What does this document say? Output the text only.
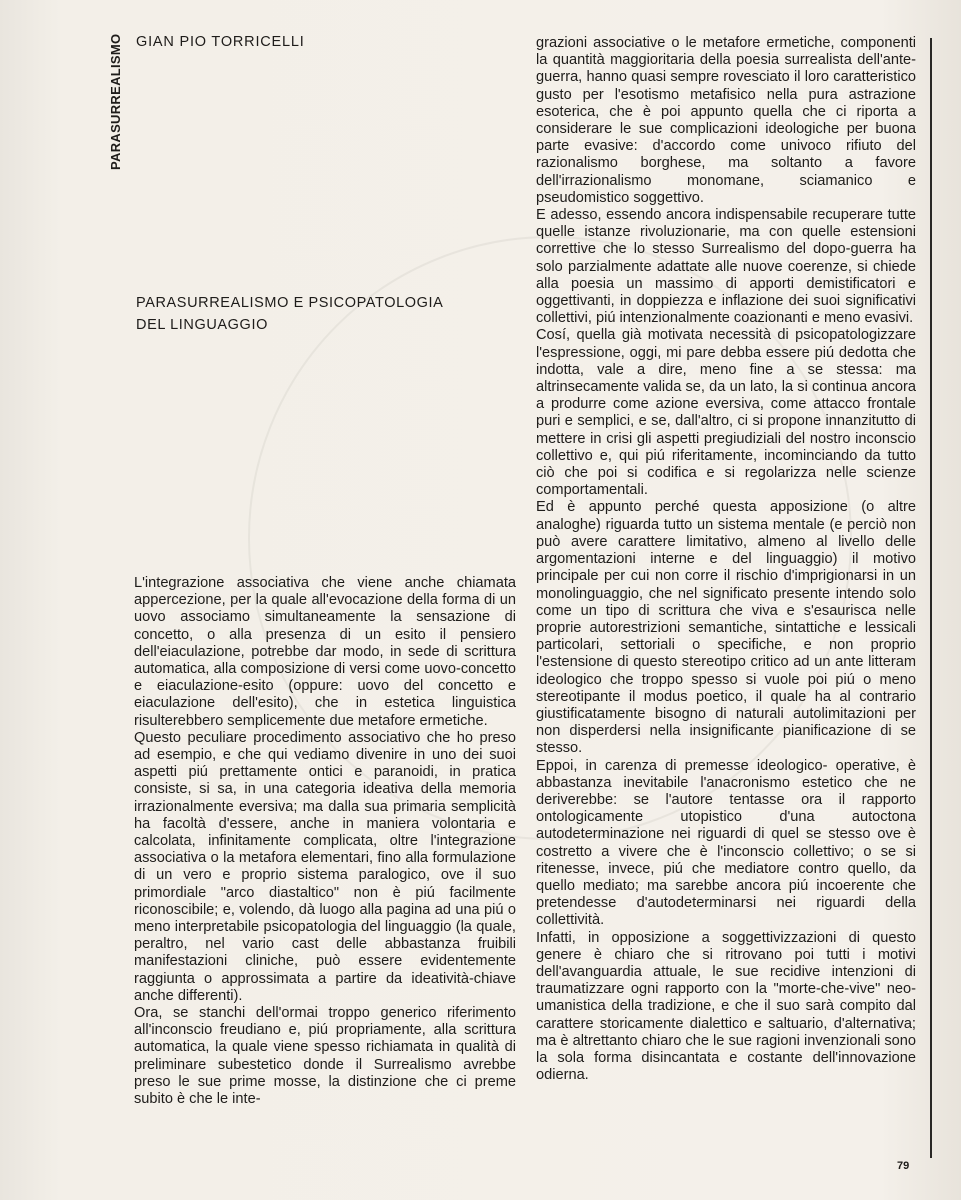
PARASURREALISMO GIAN PIO TORRICELLI
PARASURREALISMO E PSICOPATOLOGIA
DEL LINGUAGGIO

L'integrazione associativa che viene anche chiamata appercezione, per la quale all'evocazione della forma di un uovo associamo simultaneamente la sensazione di concetto, o alla presenza di un esito il pensiero dell'eiaculazione, potrebbe dar modo, in sede di scrittura automatica, alla composizione di versi come uovo-concetto e eiaculazione-esito (oppure: uovo del concetto e eiaculazione dell'esito), che in estetica linguistica risulterebbero semplicemente due metafore ermetiche.

Questo peculiare procedimento associativo che ho preso ad esempio, e che qui vediamo divenire in uno dei suoi aspetti piú prettamente ontici e paranoidi, in pratica consiste, si sa, in una categoria ideativa della memoria irrazionalmente eversiva; ma dalla sua primaria semplicità ha facoltà d'essere, anche in maniera volontaria e calcolata, infinitamente complicata, oltre l'integrazione associativa o la metafora elementari, fino alla formulazione di un vero e proprio sistema paralogico, ove il suo primordiale "arco diastaltico" non è piú facilmente riconoscibile; e, volendo, dà luogo alla pagina ad una piú o meno interpretabile psicopatologia del linguaggio (la quale, peraltro, nel vario cast delle abbastanza fruibili manifestazioni cliniche, può essere evidentemente raggiunta o approssimata a partire da ideatività-chiave anche differenti).

Ora, se stanchi dell'ormai troppo generico riferimento all'inconscio freudiano e, piú propriamente, alla scrittura automatica, la quale viene spesso richiamata in qualità di preliminare subestetico donde il Surrealismo avrebbe preso le sue prime mosse, la distinzione che ci preme subito è che le inte-

grazioni associative o le metafore ermetiche, componenti la quantità maggioritaria della poesia surrealista dell'ante-guerra, hanno quasi sempre rovesciato il loro caratteristico gusto per l'esotismo metafisico nella pura astrazione esoterica, che è poi appunto quella che ci riporta a considerare le sue complicazioni ideologiche per buona parte evasive: d'accordo come univoco rifiuto del razionalismo borghese, ma soltanto a favore dell'irrazionalismo monomane, sciamanico e pseudomistico soggettivo.

E adesso, essendo ancora indispensabile recuperare tutte quelle istanze rivoluzionarie, ma con quelle estensioni correttive che lo stesso Surrealismo del dopo-guerra ha solo parzialmente adattate alle nuove coerenze, si chiede alla poesia un massimo di apporti demistificatori e oggettivanti, in doppiezza e inflazione dei suoi significativi collettivi, piú intenzionalmente coazionanti e meno evasivi.

Cosí, quella già motivata necessità di psicopatologizzare l'espressione, oggi, mi pare debba essere piú dedotta che indotta, vale a dire, meno fine a se stessa: ma altrinsecamente valida se, da un lato, la si continua ancora a produrre come azione eversiva, come attacco frontale puri e semplici, e se, dall'altro, ci si propone innanzitutto di mettere in crisi gli aspetti pregiudiziali del nostro inconscio collettivo e, qui piú riferitamente, incominciando da tutto ciò che poi si codifica e si regolarizza nelle scienze comportamentali.

Ed è appunto perché questa apposizione (o altre analoghe) riguarda tutto un sistema mentale (e perciò non può avere carattere limitativo, almeno al livello delle argomentazioni interne e del linguaggio) il motivo principale per cui non corre il rischio d'imprigionarsi in un monolinguaggio, che nel significato presente intendo solo come un tipo di scrittura che viva e s'esaurisca nelle proprie autorestrizioni semantiche, sintattiche e lessicali particolari, settoriali o specifiche, e non proprio l'estensione di questo stereotipo critico ad un ante litteram ideologico che troppo spesso si vuole poi piú o meno stereotipante il modus poetico, il quale ha al contrario giustificatamente bisogno di naturali autolimitazioni per non disperdersi nella insignificante pianificazione di se stesso.

Eppoi, in carenza di premesse ideologico- operative, è abbastanza inevitabile l'anacronismo estetico che ne deriverebbe: se l'autore tentasse ora il rapporto ontologicamente utopistico d'una autoctona autodeterminazione nei riguardi di quel se stesso ove è costretto a vivere che è l'inconscio collettivo; o se si ritenesse, invece, piú che mediatore contro quello, da quello mediato; ma sarebbe ancora piú incoerente che pretendesse d'autodeterminarsi nei riguardi della collettività.

Infatti, in opposizione a soggettivizzazioni di questo genere è chiaro che si ritrovano poi tutti i motivi dell'avanguardia attuale, le sue recidive intenzioni di traumatizzare ogni rapporto con la "morte-che-vive" neo-umanistica della tradizione, e che il suo sarà compito dal carattere storicamente dialettico e saltuario, d'alternativa; ma è altrettanto chiaro che le sue ragioni invenzionali sono la sola forma disincantata e costante dell'innovazione odierna.

79
